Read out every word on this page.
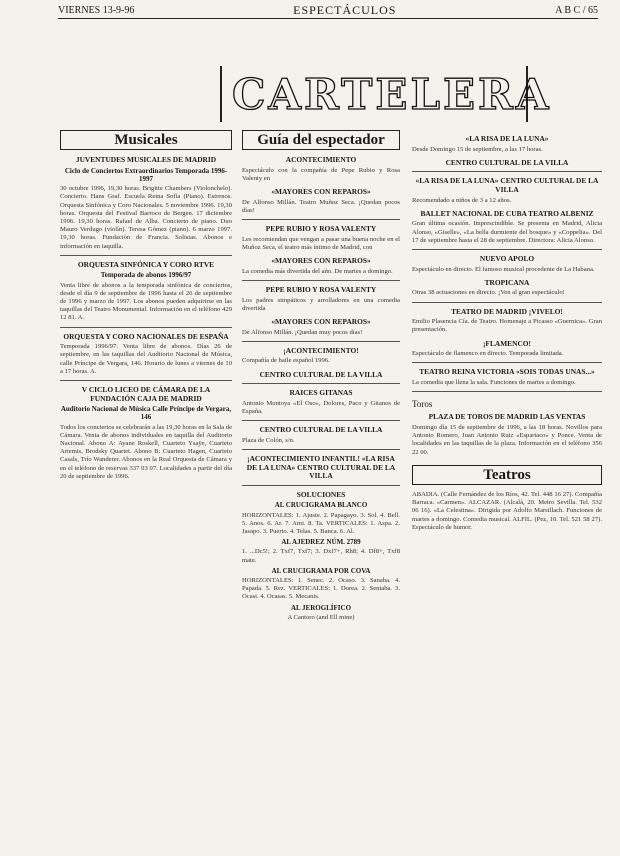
VIERNES 13-9-96	ESPECTÁCULOS	A B C / 65
CARTELERA
Musicales
JUVENTUDES MUSICALES DE MADRID
Ciclo de Conciertos Extraordinarios Temporada 1996-1997
30 octubre 1996, 19,30 horas. Brigitte Chambers (Violonchelo). Concierto. Hans Graf. Escuela Reina Sofía (Piano). Estrenos. Orquesta Sinfónica y Coro Nacionales. 5 noviembre 1996. 19,30 horas. Orquesta del Festival Barroco de Bergen. 17 diciembre 1996. 19,30 horas. Rafael de Alba. Concierto de piano. Duo Mauro Verdugo (violín). Teresa Gómez (piano). 6 marzo 1997. 19,30 horas. Fundación de Francia. Solistas. Abonos e información en taquilla.
ORQUESTA SINFÓNICA Y CORO RTVE
Temporada de abonos 1996/97
Venta libre de abonos a la temporada sinfónica de conciertos, desde el día 9 de septiembre de 1996 hasta el 26 de septiembre de 1996 y marzo de 1997. Los abonos pueden adquirirse en las taquillas del Teatro Monumental. Información en el teléfono 429 12 81. A.
ORQUESTA Y CORO NACIONALES DE ESPAÑA
Temporada 1996/97. Venta libre de abonos. Días 26 de septiembre, en las taquillas del Auditorio Nacional de Música, calle Príncipe de Vergara, 146. Horario de lunes a viernes de 10 a 17 horas. A.
V CICLO LICEO DE CÁMARA DE LA FUNDACIÓN CAJA DE MADRID
Auditorio Nacional de Música Calle Príncipe de Vergara, 146
Todos los conciertos se celebrarán a las 19,30 horas en la Sala de Cámara. Venta de abonos individuales en taquilla del Auditorio Nacional. Abono A: Ayane Roskell, Cuarteto Ysaÿe, Cuarteto Artemis, Brodsky Quartet. Abono B: Cuarteto Hagen, Cuarteto Casals, Trío Wanderer. Abonos en la Real Orquesta de Cámara y en el teléfono de reservas 337 03 07. Localidades a partir del día 20 de septiembre de 1996.
Guía del espectador
ACONTECIMIENTO
Espectáculo con la compañía de Pepe Rubio y Rosa Valenty en
«MAYORES CON REPAROS»
De Alfonso Millán. Teatro Muñoz Seca. ¡Quedan pocos días!
PEPE RUBIO Y ROSA VALENTY
Les recomiendan que vengan a pasar una buena noche en el Muñoz Seca, el teatro más íntimo de Madrid, con
«MAYORES CON REPAROS»
La comedia más divertida del año. De martes a domingo.
PEPE RUBIO Y ROSA VALENTY
Los padres simpáticos y arrolladores en una comedia divertida
«MAYORES CON REPAROS»
De Alfonso Millán. ¡Quedan muy pocos días!
¡ACONTECIMIENTO!
Compañía de baile español 1996.
CENTRO CULTURAL DE LA VILLA
RAICES GITANAS
Antonio Montoya «El Oso», Dolores, Paco y Gitanos de España.
CENTRO CULTURAL DE LA VILLA
Plaza de Colón, s/n.
¡ACONTECIMIENTO INFANTIL! «LA RISA DE LA LUNA» CENTRO CULTURAL DE LA VILLA
SOLUCIONES
AL CRUCIGRAMA BLANCO
HORIZONTALES: 1. Ajuste. 2. Papagayo. 3. Sol. 4. Bell. 5. Anos. 6. Ar. 7. Ami. 8. Ta. VERTICALES: 1. Aspa. 2. Jasapo. 3. Puerto. 4. Telas. 5. Banca. 6. Al.
AL AJEDREZ NÚM. 2789
1. ...Dc5!; 2. Txf7, Txf7; 3. Dxf7+, Rh8; 4. Df8+, Txf8 mate.
AL CRUCIGRAMA POR COVA
HORIZONTALES: 1. Senec. 2. Ocaso. 3. Sanaba. 4. Papada. 5. Rez. VERTICALES: 1. Dorea. 2. Sentaba. 3. Ocasi. 4. Ocasas. 5. Mecanis.
AL JEROGLÍFICO
A Cantoro (and Ell mine)
«LA RISA DE LA LUNA»
Desde Domingo 15 de septiembre, a las 17 horas.
CENTRO CULTURAL DE LA VILLA
«LA RISA DE LA LUNA» CENTRO CULTURAL DE LA VILLA
Recomendado a niños de 3 a 12 años.
BALLET NACIONAL DE CUBA TEATRO ALBENIZ
Gran última ocasión. Imprescindible. Se presenta en Madrid, Alicia Alonso, «Giselle», «La bella durmiente del bosque» y «Coppelia». Del 17 de septiembre hasta el 28 de septiembre. Directora: Alicia Alonso.
NUEVO APOLO
Espectáculo en directo. El famoso musical procedente de La Habana.
TROPICANA
Otras 38 actuaciones en directo. ¡Ven al gran espectáculo!
TEATRO DE MADRID ¡VIVELO!
Emilio Plasencia Cía. de Teatro. Homenaje a Picasso «Guernica». Gran presentación.
¡FLAMENCO!
Espectáculo de flamenco en directo. Temporada limitada.
TEATRO REINA VICTORIA «SOIS TODAS UNAS...»
La comedia que llena la sala. Funciones de martes a domingo.
Toros
PLAZA DE TOROS DE MADRID LAS VENTAS
Domingo día 15 de septiembre de 1996, a las 18 horas. Novillos para Antonio Romero, Juan Antonio Ruiz «Espartaco» y Ponce. Venta de localidades en las taquillas de la plaza. Información en el teléfono 356 22 00.
Teatros
ABADIA. (Calle Fernández de los Ríos, 42. Tel. 448 16 27). Compañía Barraca. «Carmen». ALCAZAR. (Alcalá, 20. Metro Sevilla. Tel. 532 06 16). «La Celestina». Dirigida por Adolfo Marsillach. Funciones de martes a domingo. Comedia musical. ALFIL. (Pez, 10. Tel. 521 58 27). Espectáculo de humor.
